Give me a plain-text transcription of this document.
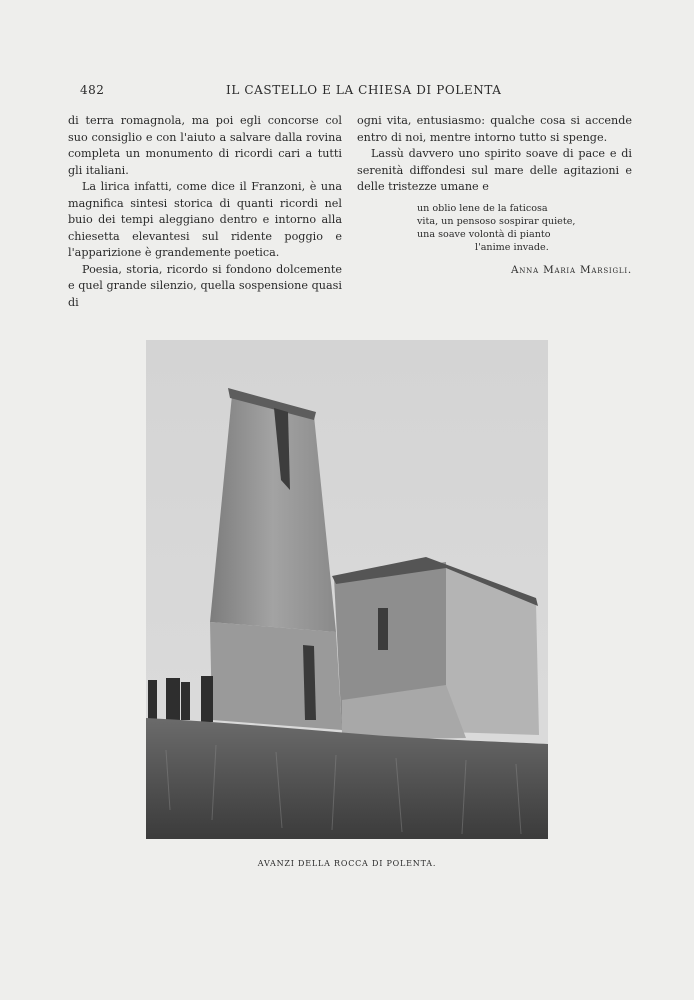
482	IL CASTELLO E LA CHIESA DI POLENTA

di terra romagnola, ma poi egli concorse col suo consiglio e con l'aiuto a salvare dalla rovina completa un monumento di ricordi cari a tutti gli italiani.

La lirica infatti, come dice il Franzoni, è una magnifica sintesi storica di quanti ricordi nel buio dei tempi aleggiano dentro e intorno alla chiesetta elevantesi sul ridente poggio e l'apparizione è grandemente poetica.

Poesia, storia, ricordo si fondono dolcemente e quel grande silenzio, quella sospensione quasi di

ogni vita, entusiasmo: qualche cosa si accende entro di noi, mentre intorno tutto si spenge.

Lassù davvero uno spirito soave di pace e di serenità diffondesi sul mare delle agitazioni e delle tristezze umane e

un oblio lene de la faticosa
vita, un pensoso sospirar quiete,
una soave volontà di pianto
l'anime invade.
Anna Maria Marsigli.
AVANZI DELLA ROCCA DI POLENTA.
